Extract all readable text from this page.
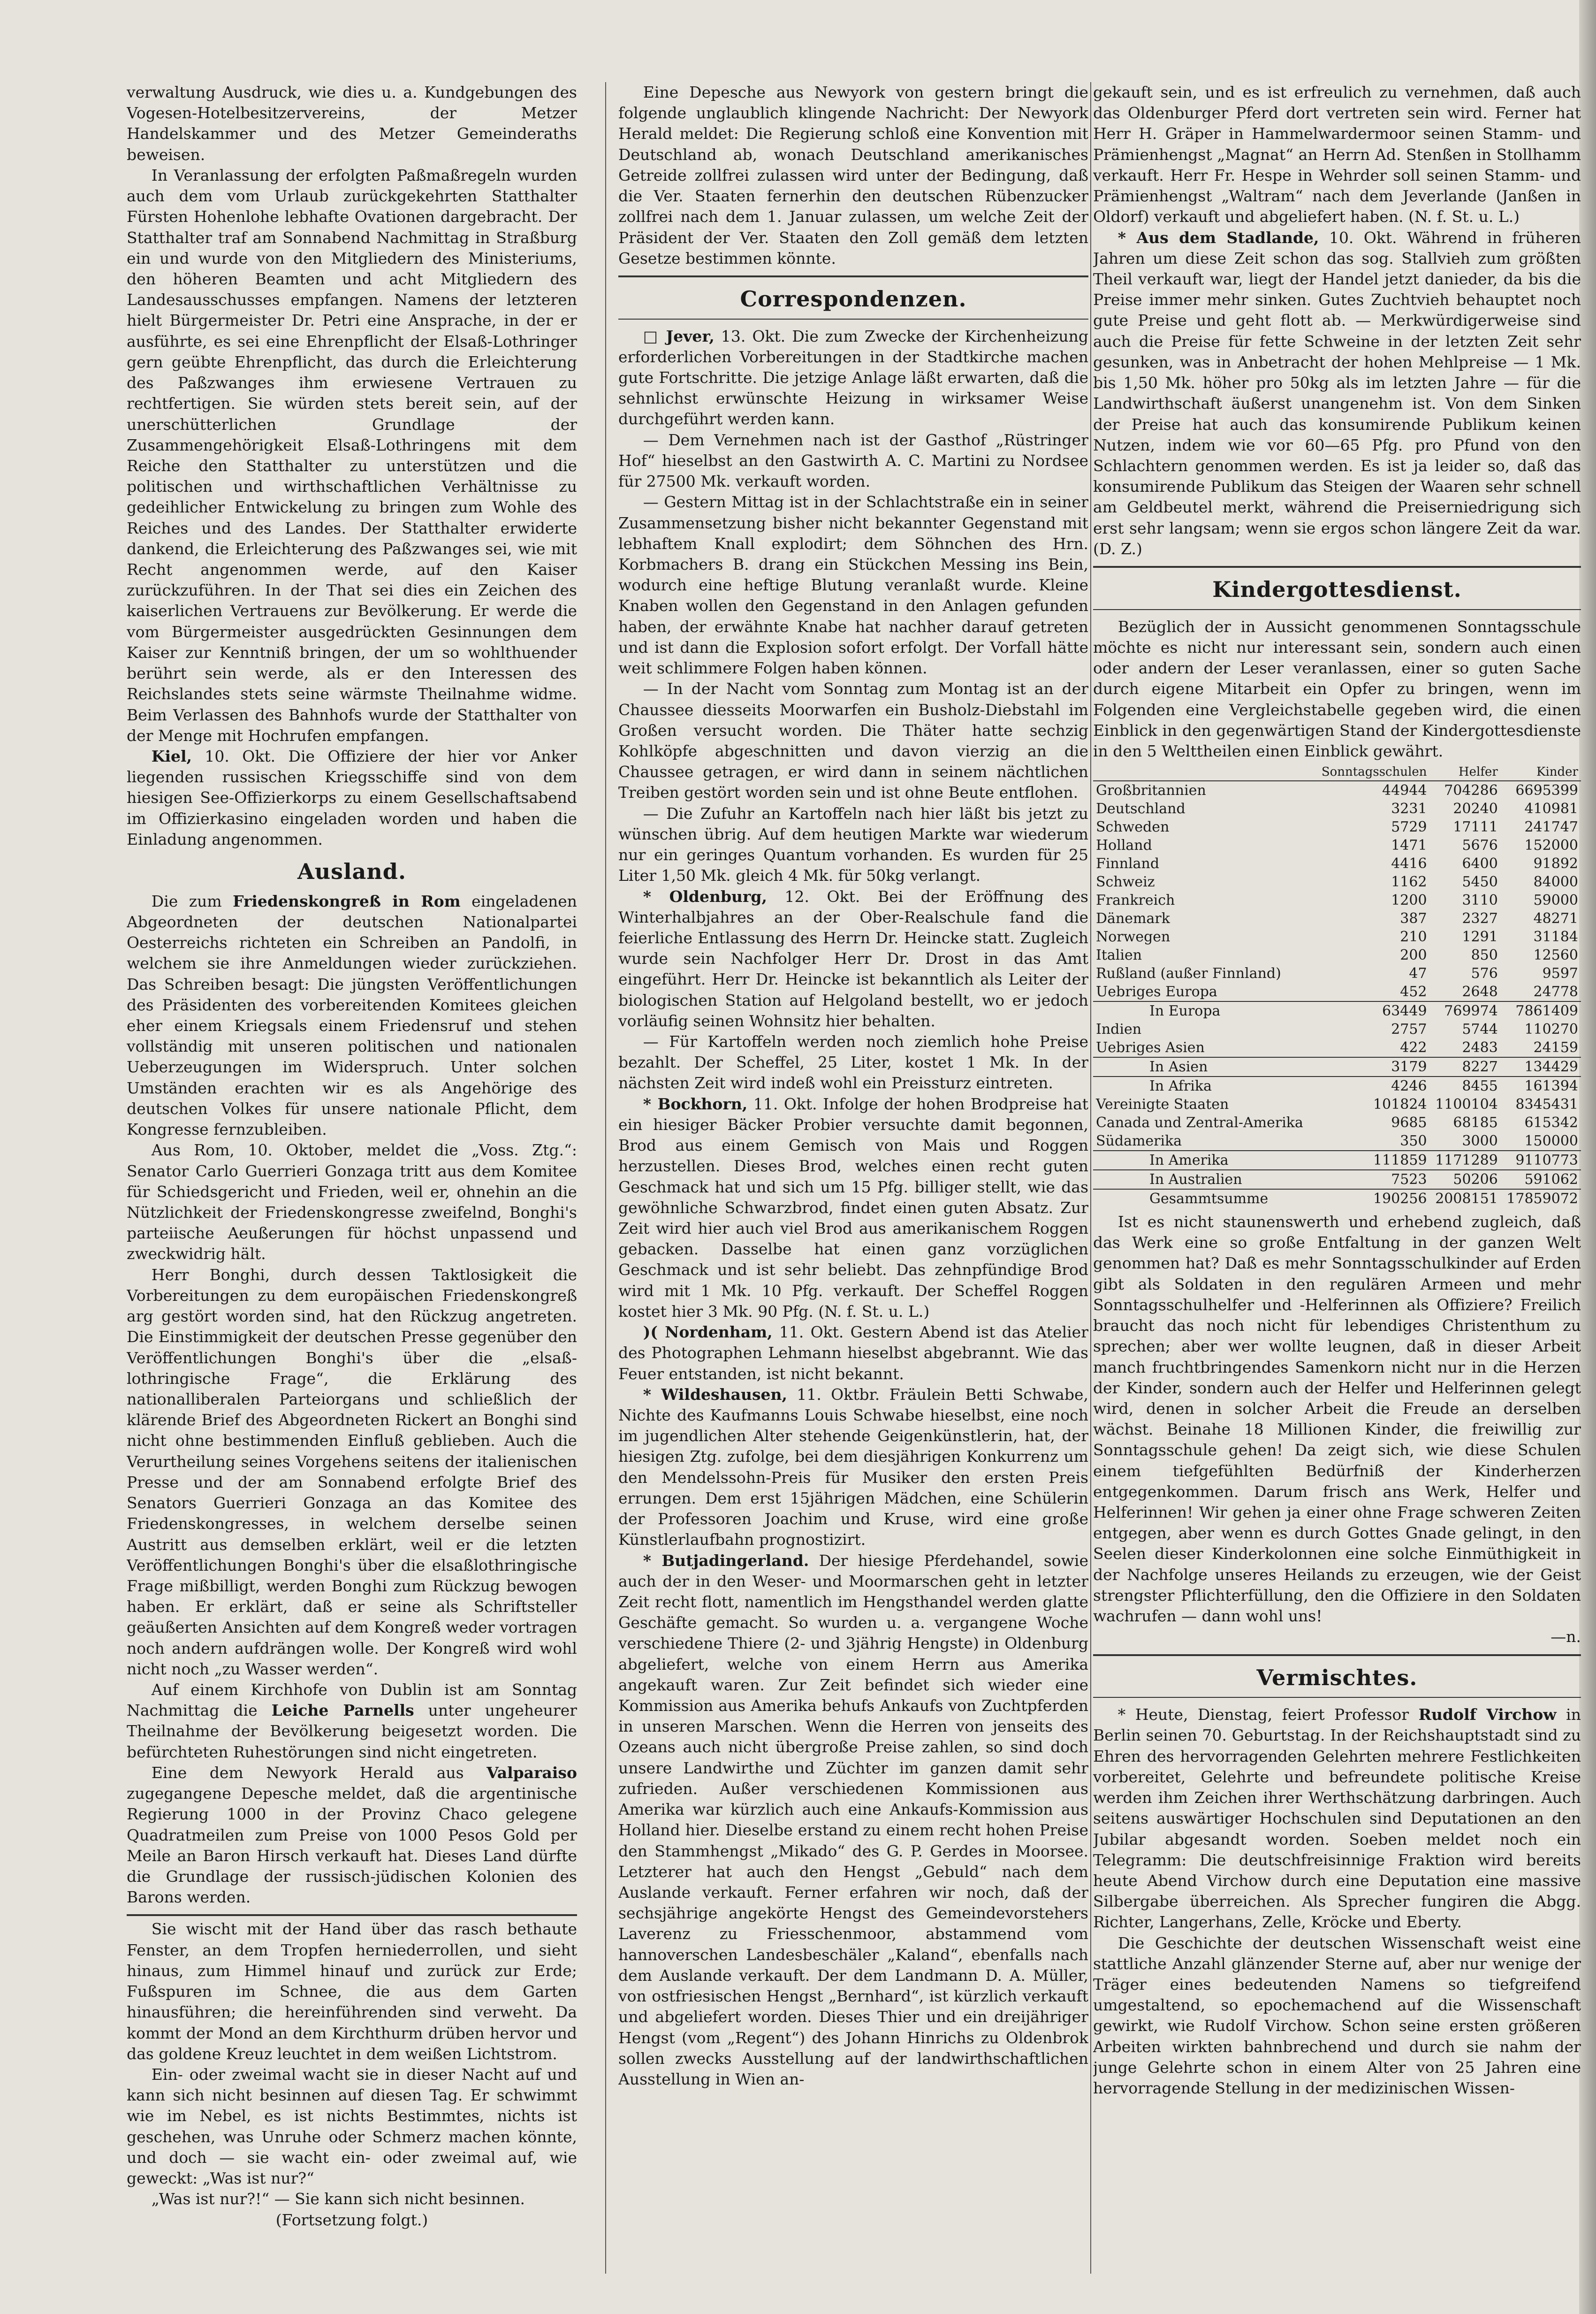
verwaltung Ausdruck, wie dies u. a. Kundgebungen des Vogesen-Hotelbesitzervereins, der Metzer Handelskammer und des Metzer Gemeinderaths beweisen.

In Veranlassung der erfolgten Paßmaßregeln wurden auch dem vom Urlaub zurückgekehrten Statthalter Fürsten Hohenlohe lebhafte Ovationen dargebracht. Der Statthalter traf am Sonnabend Nachmittag in Straßburg ein und wurde von den Mitgliedern des Ministeriums, den höheren Beamten und acht Mitgliedern des Landesausschusses empfangen. Namens der letzteren hielt Bürgermeister Dr. Petri eine Ansprache, in der er ausführte, es sei eine Ehrenpflicht der Elsaß-Lothringer gern geübte Ehrenpflicht, das durch die Erleichterung des Paßzwanges ihm erwiesene Vertrauen zu rechtfertigen. Sie würden stets bereit sein, auf der unerschütterlichen Grundlage der Zusammengehörigkeit Elsaß-Lothringens mit dem Reiche den Statthalter zu unterstützen und die politischen und wirthschaftlichen Verhältnisse zu gedeihlicher Entwickelung zu bringen zum Wohle des Reiches und des Landes. Der Statthalter erwiderte dankend, die Erleichterung des Paßzwanges sei, wie mit Recht angenommen werde, auf den Kaiser zurückzuführen. In der That sei dies ein Zeichen des kaiserlichen Vertrauens zur Bevölkerung. Er werde die vom Bürgermeister ausgedrückten Gesinnungen dem Kaiser zur Kenntniß bringen, der um so wohlthuender berührt sein werde, als er den Interessen des Reichslandes stets seine wärmste Theilnahme widme. Beim Verlassen des Bahnhofs wurde der Statthalter von der Menge mit Hochrufen empfangen.

Kiel, 10. Okt. Die Offiziere der hier vor Anker liegenden russischen Kriegsschiffe sind von dem hiesigen See-Offizierkorps zu einem Gesellschaftsabend im Offizierkasino eingeladen worden und haben die Einladung angenommen.

Ausland.

Die zum Friedenskongreß in Rom eingeladenen Abgeordneten der deutschen Nationalpartei Oesterreichs richteten ein Schreiben an Pandolfi, in welchem sie ihre Anmeldungen wieder zurückziehen. Das Schreiben besagt: Die jüngsten Veröffentlichungen des Präsidenten des vorbereitenden Komitees gleichen eher einem Kriegsals einem Friedensruf und stehen vollständig mit unseren politischen und nationalen Ueberzeugungen im Widerspruch. Unter solchen Umständen erachten wir es als Angehörige des deutschen Volkes für unsere nationale Pflicht, dem Kongresse fernzubleiben.

Aus Rom, 10. Oktober, meldet die „Voss. Ztg.“: Senator Carlo Guerrieri Gonzaga tritt aus dem Komitee für Schiedsgericht und Frieden, weil er, ohnehin an die Nützlichkeit der Friedenskongresse zweifelnd, Bonghi's parteiische Aeußerungen für höchst unpassend und zweckwidrig hält.

Herr Bonghi, durch dessen Taktlosigkeit die Vorbereitungen zu dem europäischen Friedenskongreß arg gestört worden sind, hat den Rückzug angetreten. Die Einstimmigkeit der deutschen Presse gegenüber den Veröffentlichungen Bonghi's über die „elsaß-lothringische Frage“, die Erklärung des nationalliberalen Parteiorgans und schließlich der klärende Brief des Abgeordneten Rickert an Bonghi sind nicht ohne bestimmenden Einfluß geblieben. Auch die Verurtheilung seines Vorgehens seitens der italienischen Presse und der am Sonnabend erfolgte Brief des Senators Guerrieri Gonzaga an das Komitee des Friedenskongresses, in welchem derselbe seinen Austritt aus demselben erklärt, weil er die letzten Veröffentlichungen Bonghi's über die elsaßlothringische Frage mißbilligt, werden Bonghi zum Rückzug bewogen haben. Er erklärt, daß er seine als Schriftsteller geäußerten Ansichten auf dem Kongreß weder vortragen noch andern aufdrängen wolle. Der Kongreß wird wohl nicht noch „zu Wasser werden“.

Auf einem Kirchhofe von Dublin ist am Sonntag Nachmittag die Leiche Parnells unter ungeheurer Theilnahme der Bevölkerung beigesetzt worden. Die befürchteten Ruhestörungen sind nicht eingetreten.

Eine dem Newyork Herald aus Valparaiso zugegangene Depesche meldet, daß die argentinische Regierung 1000 in der Provinz Chaco gelegene Quadratmeilen zum Preise von 1000 Pesos Gold per Meile an Baron Hirsch verkauft hat. Dieses Land dürfte die Grundlage der russisch-jüdischen Kolonien des Barons werden.

Sie wischt mit der Hand über das rasch bethaute Fenster, an dem Tropfen herniederrollen, und sieht hinaus, zum Himmel hinauf und zurück zur Erde; Fußspuren im Schnee, die aus dem Garten hinausführen; die hereinführenden sind verweht. Da kommt der Mond an dem Kirchthurm drüben hervor und das goldene Kreuz leuchtet in dem weißen Lichtstrom.

Ein- oder zweimal wacht sie in dieser Nacht auf und kann sich nicht besinnen auf diesen Tag. Er schwimmt wie im Nebel, es ist nichts Bestimmtes, nichts ist geschehen, was Unruhe oder Schmerz machen könnte, und doch — sie wacht ein- oder zweimal auf, wie geweckt: „Was ist nur?“

„Was ist nur?!“ — Sie kann sich nicht besinnen.

(Fortsetzung folgt.)

Eine Depesche aus Newyork von gestern bringt die folgende unglaublich klingende Nachricht: Der Newyork Herald meldet: Die Regierung schloß eine Konvention mit Deutschland ab, wonach Deutschland amerikanisches Getreide zollfrei zulassen wird unter der Bedingung, daß die Ver. Staaten fernerhin den deutschen Rübenzucker zollfrei nach dem 1. Januar zulassen, um welche Zeit der Präsident der Ver. Staaten den Zoll gemäß dem letzten Gesetze bestimmen könnte.

Correspondenzen.

□ Jever, 13. Okt. Die zum Zwecke der Kirchenheizung erforderlichen Vorbereitungen in der Stadtkirche machen gute Fortschritte. Die jetzige Anlage läßt erwarten, daß die sehnlichst erwünschte Heizung in wirksamer Weise durchgeführt werden kann.

— Dem Vernehmen nach ist der Gasthof „Rüstringer Hof“ hieselbst an den Gastwirth A. C. Martini zu Nordsee für 27500 Mk. verkauft worden.

— Gestern Mittag ist in der Schlachtstraße ein in seiner Zusammensetzung bisher nicht bekannter Gegenstand mit lebhaftem Knall explodirt; dem Söhnchen des Hrn. Korbmachers B. drang ein Stückchen Messing ins Bein, wodurch eine heftige Blutung veranlaßt wurde. Kleine Knaben wollen den Gegenstand in den Anlagen gefunden haben, der erwähnte Knabe hat nachher darauf getreten und ist dann die Explosion sofort erfolgt. Der Vorfall hätte weit schlimmere Folgen haben können.

— In der Nacht vom Sonntag zum Montag ist an der Chaussee diesseits Moorwarfen ein Busholz-Diebstahl im Großen versucht worden. Die Thäter hatte sechzig Kohlköpfe abgeschnitten und davon vierzig an die Chaussee getragen, er wird dann in seinem nächtlichen Treiben gestört worden sein und ist ohne Beute entflohen.

— Die Zufuhr an Kartoffeln nach hier läßt bis jetzt zu wünschen übrig. Auf dem heutigen Markte war wiederum nur ein geringes Quantum vorhanden. Es wurden für 25 Liter 1,50 Mk. gleich 4 Mk. für 50kg verlangt.

* Oldenburg, 12. Okt. Bei der Eröffnung des Winterhalbjahres an der Ober-Realschule fand die feierliche Entlassung des Herrn Dr. Heincke statt. Zugleich wurde sein Nachfolger Herr Dr. Drost in das Amt eingeführt. Herr Dr. Heincke ist bekanntlich als Leiter der biologischen Station auf Helgoland bestellt, wo er jedoch vorläufig seinen Wohnsitz hier behalten.

— Für Kartoffeln werden noch ziemlich hohe Preise bezahlt. Der Scheffel, 25 Liter, kostet 1 Mk. In der nächsten Zeit wird indeß wohl ein Preissturz eintreten.

* Bockhorn, 11. Okt. Infolge der hohen Brodpreise hat ein hiesiger Bäcker Probier versuchte damit begonnen, Brod aus einem Gemisch von Mais und Roggen herzustellen. Dieses Brod, welches einen recht guten Geschmack hat und sich um 15 Pfg. billiger stellt, wie das gewöhnliche Schwarzbrod, findet einen guten Absatz. Zur Zeit wird hier auch viel Brod aus amerikanischem Roggen gebacken. Dasselbe hat einen ganz vorzüglichen Geschmack und ist sehr beliebt. Das zehnpfündige Brod wird mit 1 Mk. 10 Pfg. verkauft. Der Scheffel Roggen kostet hier 3 Mk. 90 Pfg. (N. f. St. u. L.)

)( Nordenham, 11. Okt. Gestern Abend ist das Atelier des Photographen Lehmann hieselbst abgebrannt. Wie das Feuer entstanden, ist nicht bekannt.

* Wildeshausen, 11. Oktbr. Fräulein Betti Schwabe, Nichte des Kaufmanns Louis Schwabe hieselbst, eine noch im jugendlichen Alter stehende Geigenkünstlerin, hat, der hiesigen Ztg. zufolge, bei dem diesjährigen Konkurrenz um den Mendelssohn-Preis für Musiker den ersten Preis errungen. Dem erst 15jährigen Mädchen, eine Schülerin der Professoren Joachim und Kruse, wird eine große Künstlerlaufbahn prognostizirt.

* Butjadingerland. Der hiesige Pferdehandel, sowie auch der in den Weser- und Moormarschen geht in letzter Zeit recht flott, namentlich im Hengsthandel werden glatte Geschäfte gemacht. So wurden u. a. vergangene Woche verschiedene Thiere (2- und 3jährig Hengste) in Oldenburg abgeliefert, welche von einem Herrn aus Amerika angekauft waren. Zur Zeit befindet sich wieder eine Kommission aus Amerika behufs Ankaufs von Zuchtpferden in unseren Marschen. Wenn die Herren von jenseits des Ozeans auch nicht übergroße Preise zahlen, so sind doch unsere Landwirthe und Züchter im ganzen damit sehr zufrieden. Außer verschiedenen Kommissionen aus Amerika war kürzlich auch eine Ankaufs-Kommission aus Holland hier. Dieselbe erstand zu einem recht hohen Preise den Stammhengst „Mikado“ des G. P. Gerdes in Moorsee. Letzterer hat auch den Hengst „Gebuld“ nach dem Auslande verkauft. Ferner erfahren wir noch, daß der sechsjährige angekörte Hengst des Gemeindevorstehers Laverenz zu Friesschenmoor, abstammend vom hannoverschen Landesbeschäler „Kaland“, ebenfalls nach dem Auslande verkauft. Der dem Landmann D. A. Müller, von ostfriesischen Hengst „Bernhard“, ist kürzlich verkauft und abgeliefert worden. Dieses Thier und ein dreijähriger Hengst (vom „Regent“) des Johann Hinrichs zu Oldenbrok sollen zwecks Ausstellung auf der landwirthschaftlichen Ausstellung in Wien an-

gekauft sein, und es ist erfreulich zu vernehmen, daß auch das Oldenburger Pferd dort vertreten sein wird. Ferner hat Herr H. Gräper in Hammelwardermoor seinen Stamm- und Prämienhengst „Magnat“ an Herrn Ad. Stenßen in Stollhamm verkauft. Herr Fr. Hespe in Wehrder soll seinen Stamm- und Prämienhengst „Waltram“ nach dem Jeverlande (Janßen in Oldorf) verkauft und abgeliefert haben. (N. f. St. u. L.)

* Aus dem Stadlande, 10. Okt. Während in früheren Jahren um diese Zeit schon das sog. Stallvieh zum größten Theil verkauft war, liegt der Handel jetzt danieder, da bis die Preise immer mehr sinken. Gutes Zuchtvieh behauptet noch gute Preise und geht flott ab. — Merkwürdigerweise sind auch die Preise für fette Schweine in der letzten Zeit sehr gesunken, was in Anbetracht der hohen Mehlpreise — 1 Mk. bis 1,50 Mk. höher pro 50kg als im letzten Jahre — für die Landwirthschaft äußerst unangenehm ist. Von dem Sinken der Preise hat auch das konsumirende Publikum keinen Nutzen, indem wie vor 60—65 Pfg. pro Pfund von den Schlachtern genommen werden. Es ist ja leider so, daß das konsumirende Publikum das Steigen der Waaren sehr schnell am Geldbeutel merkt, während die Preiserniedrigung sich erst sehr langsam; wenn sie ergos schon längere Zeit da war. (D. Z.)

Kindergottesdienst.

Bezüglich der in Aussicht genommenen Sonntagsschule möchte es nicht nur interessant sein, sondern auch einen oder andern der Leser veranlassen, einer so guten Sache durch eigene Mitarbeit ein Opfer zu bringen, wenn im Folgenden eine Vergleichstabelle gegeben wird, die einen Einblick in den gegenwärtigen Stand der Kindergottesdienste in den 5 Welttheilen einen Einblick gewährt.

	Sonntagsschulen	Helfer	Kinder
Großbritannien	44944	704286	6695399
Deutschland	3231	20240	410981
Schweden	5729	17111	241747
Holland	1471	5676	152000
Finnland	4416	6400	91892
Schweiz	1162	5450	84000
Frankreich	1200	3110	59000
Dänemark	387	2327	48271
Norwegen	210	1291	31184
Italien	200	850	12560
Rußland (außer Finnland)	47	576	9597
Uebriges Europa	452	2648	24778
In Europa	63449	769974	7861409
Indien	2757	5744	110270
Uebriges Asien	422	2483	24159
In Asien	3179	8227	134429
In Afrika	4246	8455	161394
Vereinigte Staaten	101824	1100104	8345431
Canada und Zentral-Amerika	9685	68185	615342
Südamerika	350	3000	150000
In Amerika	111859	1171289	9110773
In Australien	7523	50206	591062
Gesammtsumme	190256	2008151	17859072

Ist es nicht staunenswerth und erhebend zugleich, daß das Werk eine so große Entfaltung in der ganzen Welt genommen hat? Daß es mehr Sonntagsschulkinder auf Erden gibt als Soldaten in den regulären Armeen und mehr Sonntagsschulhelfer und -Helferinnen als Offiziere? Freilich braucht das noch nicht für lebendiges Christenthum zu sprechen; aber wer wollte leugnen, daß in dieser Arbeit manch fruchtbringendes Samenkorn nicht nur in die Herzen der Kinder, sondern auch der Helfer und Helferinnen gelegt wird, denen in solcher Arbeit die Freude an derselben wächst. Beinahe 18 Millionen Kinder, die freiwillig zur Sonntagsschule gehen! Da zeigt sich, wie diese Schulen einem tiefgefühlten Bedürfniß der Kinderherzen entgegenkommen. Darum frisch ans Werk, Helfer und Helferinnen! Wir gehen ja einer ohne Frage schweren Zeiten entgegen, aber wenn es durch Gottes Gnade gelingt, in den Seelen dieser Kinderkolonnen eine solche Einmüthigkeit in der Nachfolge unseres Heilands zu erzeugen, wie der Geist strengster Pflichterfüllung, den die Offiziere in den Soldaten wachrufen — dann wohl uns!

—n.

Vermischtes.

* Heute, Dienstag, feiert Professor Rudolf Virchow in Berlin seinen 70. Geburtstag. In der Reichshauptstadt sind zu Ehren des hervorragenden Gelehrten mehrere Festlichkeiten vorbereitet, Gelehrte und befreundete politische Kreise werden ihm Zeichen ihrer Werthschätzung darbringen. Auch seitens auswärtiger Hochschulen sind Deputationen an den Jubilar abgesandt worden. Soeben meldet noch ein Telegramm: Die deutschfreisinnige Fraktion wird bereits heute Abend Virchow durch eine Deputation eine massive Silbergabe überreichen. Als Sprecher fungiren die Abgg. Richter, Langerhans, Zelle, Kröcke und Eberty.

Die Geschichte der deutschen Wissenschaft weist eine stattliche Anzahl glänzender Sterne auf, aber nur wenige der Träger eines bedeutenden Namens so tiefgreifend umgestaltend, so epochemachend auf die Wissenschaft gewirkt, wie Rudolf Virchow. Schon seine ersten größeren Arbeiten wirkten bahnbrechend und durch sie nahm der junge Gelehrte schon in einem Alter von 25 Jahren eine hervorragende Stellung in der medizinischen Wissen-
